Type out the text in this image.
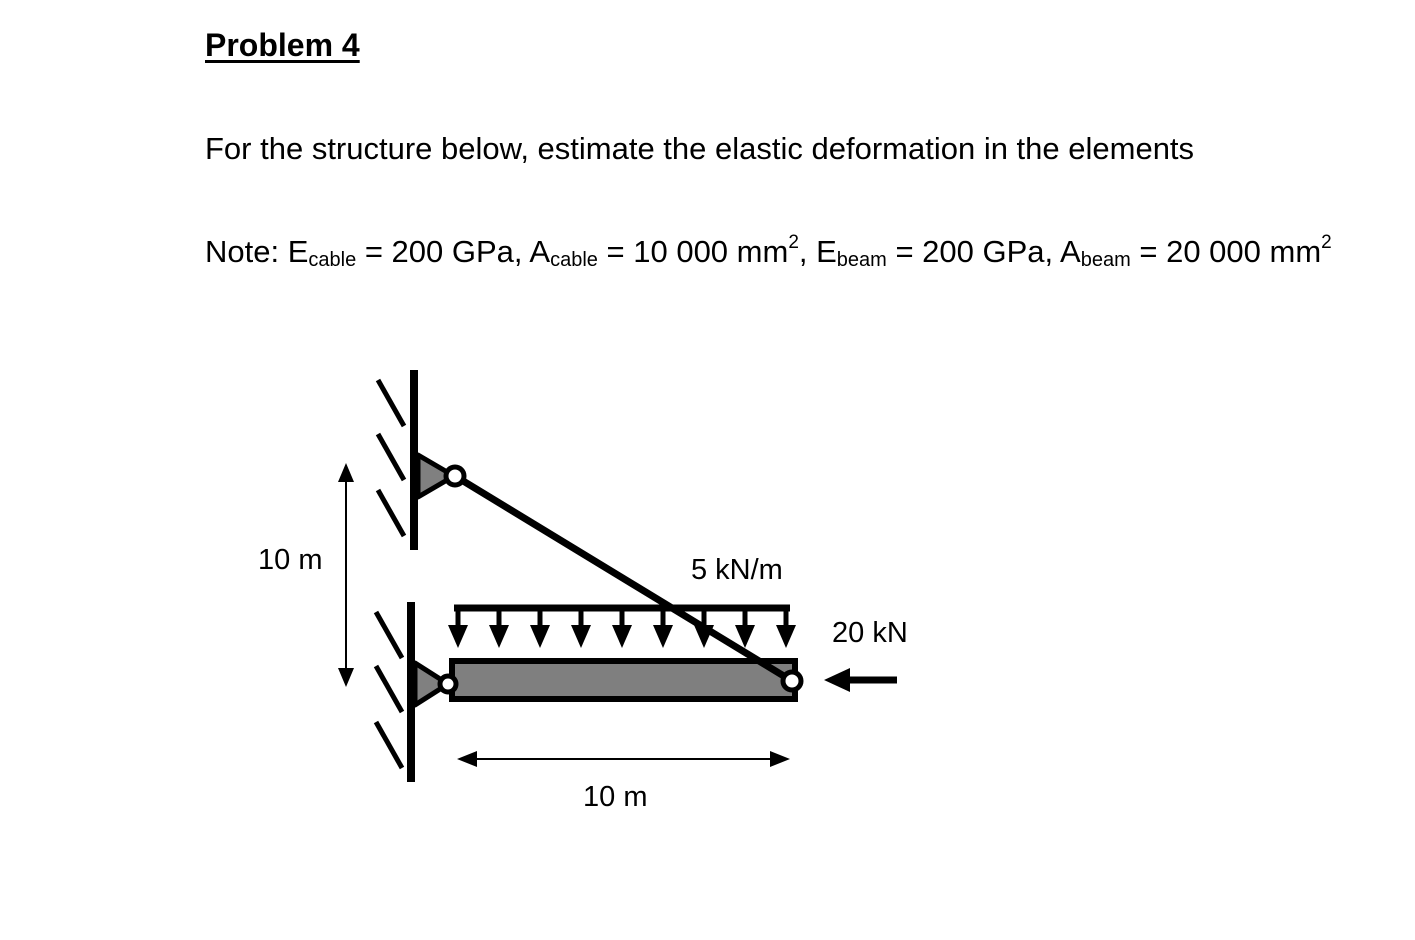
Problem 4
For the structure below, estimate the elastic deformation in the elements
Note: $E_{cable} = 200$ GPa, $A_{cable} = 10$ 000 $mm^2$, $E_{beam} = 200$ GPa, $A_{beam} = 20$ 000 $mm^2$
10 m
10 m
5 kN/m
20 kN
